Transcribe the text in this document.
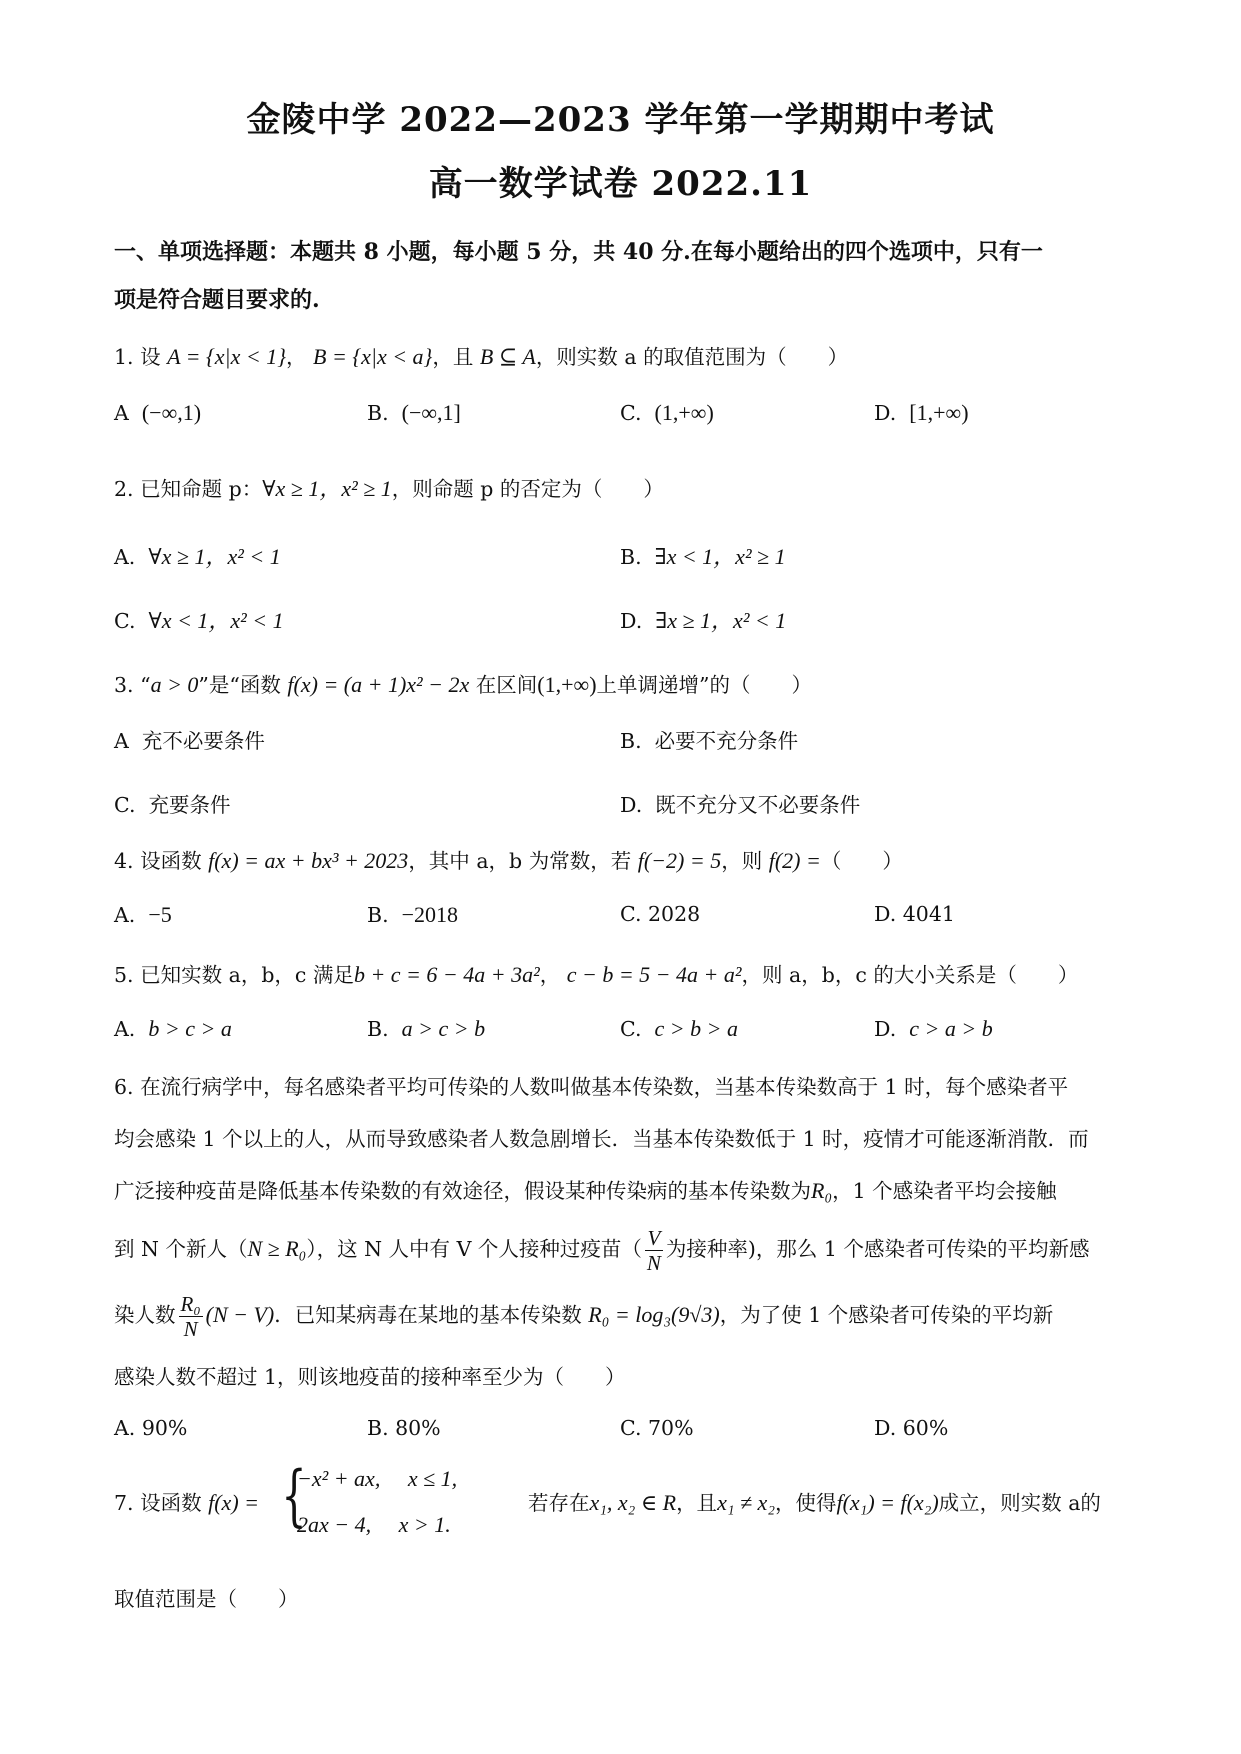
金陵中学 2022—2023 学年第一学期期中考试
高一数学试卷 2022.11
一、单项选择题：本题共 8 小题，每小题 5 分，共 40 分.在每小题给出的四个选项中，只有一
项是符合题目要求的.
1. 设 A = {x|x < 1}， B = {x|x < a}，且 B ⊆ A，则实数 a 的取值范围为（　　）
A (−∞,1)	B. (−∞,1]	C. (1,+∞)	D. [1,+∞)
2. 已知命题 p：∀x ≥ 1，x² ≥ 1，则命题 p 的否定为（　　）
A. ∀x ≥ 1，x² < 1	B. ∃x < 1，x² ≥ 1
C. ∀x < 1，x² < 1	D. ∃x ≥ 1，x² < 1
3. “a > 0”是“函数 f(x) = (a + 1)x² − 2x 在区间(1,+∞)上单调递增”的（　　）
A 充不必要条件	B. 必要不充分条件
C. 充要条件	D. 既不充分又不必要条件
4. 设函数 f(x) = ax + bx³ + 2023，其中 a，b 为常数，若 f(−2) = 5，则 f(2) =（　　）
A. −5	B. −2018	C. 2028	D. 4041
5. 已知实数 a，b，c 满足b + c = 6 − 4a + 3a²， c − b = 5 − 4a + a²，则 a，b，c 的大小关系是（　　）
A. b > c > a	B. a > c > b	C. c > b > a	D. c > a > b
6. 在流行病学中，每名感染者平均可传染的人数叫做基本传染数，当基本传染数高于 1 时，每个感染者平
均会感染 1 个以上的人，从而导致感染者人数急剧增长．当基本传染数低于 1 时，疫情才可能逐渐消散．而
广泛接种疫苗是降低基本传染数的有效途径，假设某种传染病的基本传染数为R₀，1 个感染者平均会接触
到 N 个新人（N ≥ R₀），这 N 人中有 V 个人接种过疫苗（ $\frac{V}{N}$ 为接种率)，那么 1 个感染者可传染的平均新感
染人数 $\frac{\text{R₀}}{N} (N - V)$．已知某病毒在某地的基本传染数 R₀ = log₃(9√3)，为了使 1 个感染者可传染的平均新
感染人数不超过 1，则该地疫苗的接种率至少为（　　）
A. 90%	B. 80%	C. 70%	D. 60%
7. 设函数 f(x) = {
−x² + ax,　 x ≤ 1,
2ax − 4,　 x > 1.
若存在x₁, x₂ ∈ R，且x₁ ≠ x₂，使得f(x₁) = f(x₂)成立，则实数 a的
取值范围是（　　）
